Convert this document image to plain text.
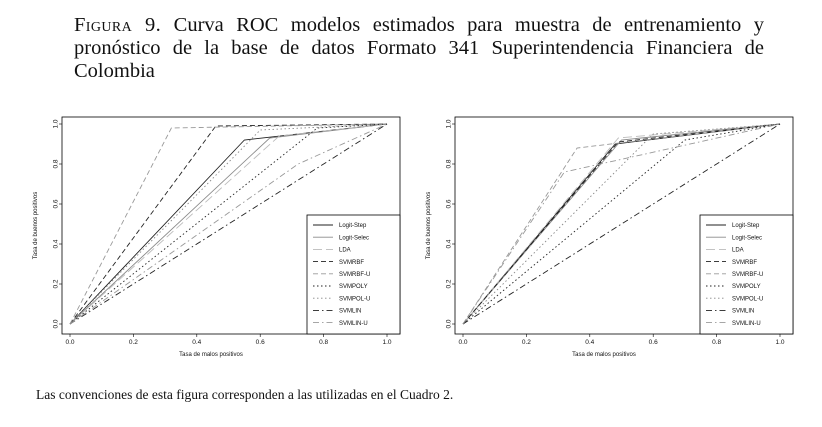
Figura 9. Curva ROC modelos estimados para muestra de entrenamiento y pronóstico de la base de datos Formato 341 Superintendencia Financiera de Colombia
0.0	0.2	0.4	0.6	0.8	1.0
0.0
0.2
0.4
0.6
0.8
1.0
Tasa de malos positivos
Tasa de buenos positivos	Logit-Step
Logit-Selec
LDA
SVMRBF
SVMRBF-U
SVMPOLY
SVMPOL-U
SVMLIN
SVMLIN-U
0.0	0.2	0.4	0.6	0.8	1.0
0.0
0.2
0.4
0.6
0.8
1.0
Tasa de malos positivos
Tasa de buenos positivos	Logit-Step
Logit-Selec
LDA
SVMRBF
SVMRBF-U
SVMPOLY
SVMPOL-U
SVMLIN
SVMLIN-U
Las convenciones de esta figura corresponden a las utilizadas en el Cuadro 2.
